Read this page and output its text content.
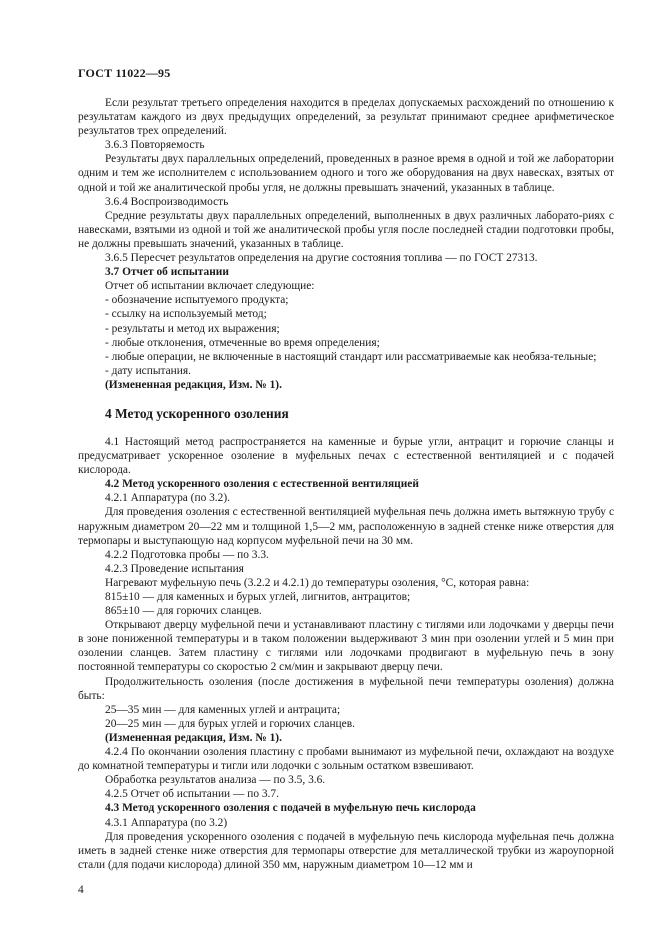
ГОСТ 11022—95

Если результат третьего определения находится в пределах допускаемых расхождений по отношению к результатам каждого из двух предыдущих определений, за результат принимают среднее арифметическое результатов трех определений.

3.6.3 Повторяемость

Результаты двух параллельных определений, проведенных в разное время в одной и той же лаборатории одним и тем же исполнителем с использованием одного и того же оборудования на двух навесках, взятых от одной и той же аналитической пробы угля, не должны превышать значений, указанных в таблице.

3.6.4 Воспроизводимость

Средние результаты двух параллельных определений, выполненных в двух различных лаборато-риях с навесками, взятыми из одной и той же аналитической пробы угля после последней стадии подготовки пробы, не должны превышать значений, указанных в таблице.

3.6.5 Пересчет результатов определения на другие состояния топлива — по ГОСТ 27313.

3.7 Отчет об испытании

Отчет об испытании включает следующие:

- обозначение испытуемого продукта;

- ссылку на используемый метод;

- результаты и метод их выражения;

- любые отклонения, отмеченные во время определения;

- любые операции, не включенные в настоящий стандарт или рассматриваемые как необяза-тельные;

- дату испытания.

(Измененная редакция, Изм. № 1).

4 Метод ускоренного озоления

4.1 Настоящий метод распространяется на каменные и бурые угли, антрацит и горючие сланцы и предусматривает ускоренное озоление в муфельных печах с естественной вентиляцией и с подачей кислорода.

4.2 Метод ускоренного озоления с естественной вентиляцией

4.2.1 Аппаратура (по 3.2).

Для проведения озоления с естественной вентиляцией муфельная печь должна иметь вытяжную трубу с наружным диаметром 20—22 мм и толщиной 1,5—2 мм, расположенную в задней стенке ниже отверстия для термопары и выступающую над корпусом муфельной печи на 30 мм.

4.2.2 Подготовка пробы — по 3.3.

4.2.3 Проведение испытания

Нагревают муфельную печь (3.2.2 и 4.2.1) до температуры озоления, °С, которая равна:

815±10 — для каменных и бурых углей, лигнитов, антрацитов;

865±10 — для горючих сланцев.

Открывают дверцу муфельной печи и устанавливают пластину с тиглями или лодочками у дверцы печи в зоне пониженной температуры и в таком положении выдерживают 3 мин при озолении углей и 5 мин при озолении сланцев. Затем пластину с тиглями или лодочками продвигают в муфельную печь в зону постоянной температуры со скоростью 2 см/мин и закрывают дверцу печи.

Продолжительность озоления (после достижения в муфельной печи температуры озоления) должна быть:

25—35 мин — для каменных углей и антрацита;

20—25 мин — для бурых углей и горючих сланцев.

(Измененная редакция, Изм. № 1).

4.2.4 По окончании озоления пластину с пробами вынимают из муфельной печи, охлаждают на воздухе до комнатной температуры и тигли или лодочки с зольным остатком взвешивают.

Обработка результатов анализа — по 3.5, 3.6.

4.2.5 Отчет об испытании — по 3.7.

4.3 Метод ускоренного озоления с подачей в муфельную печь кислорода

4.3.1 Аппаратура (по 3.2)

Для проведения ускоренного озоления с подачей в муфельную печь кислорода муфельная печь должна иметь в задней стенке ниже отверстия для термопары отверстие для металлической трубки из жароупорной стали (для подачи кислорода) длиной 350 мм, наружным диаметром 10—12 мм и

4
